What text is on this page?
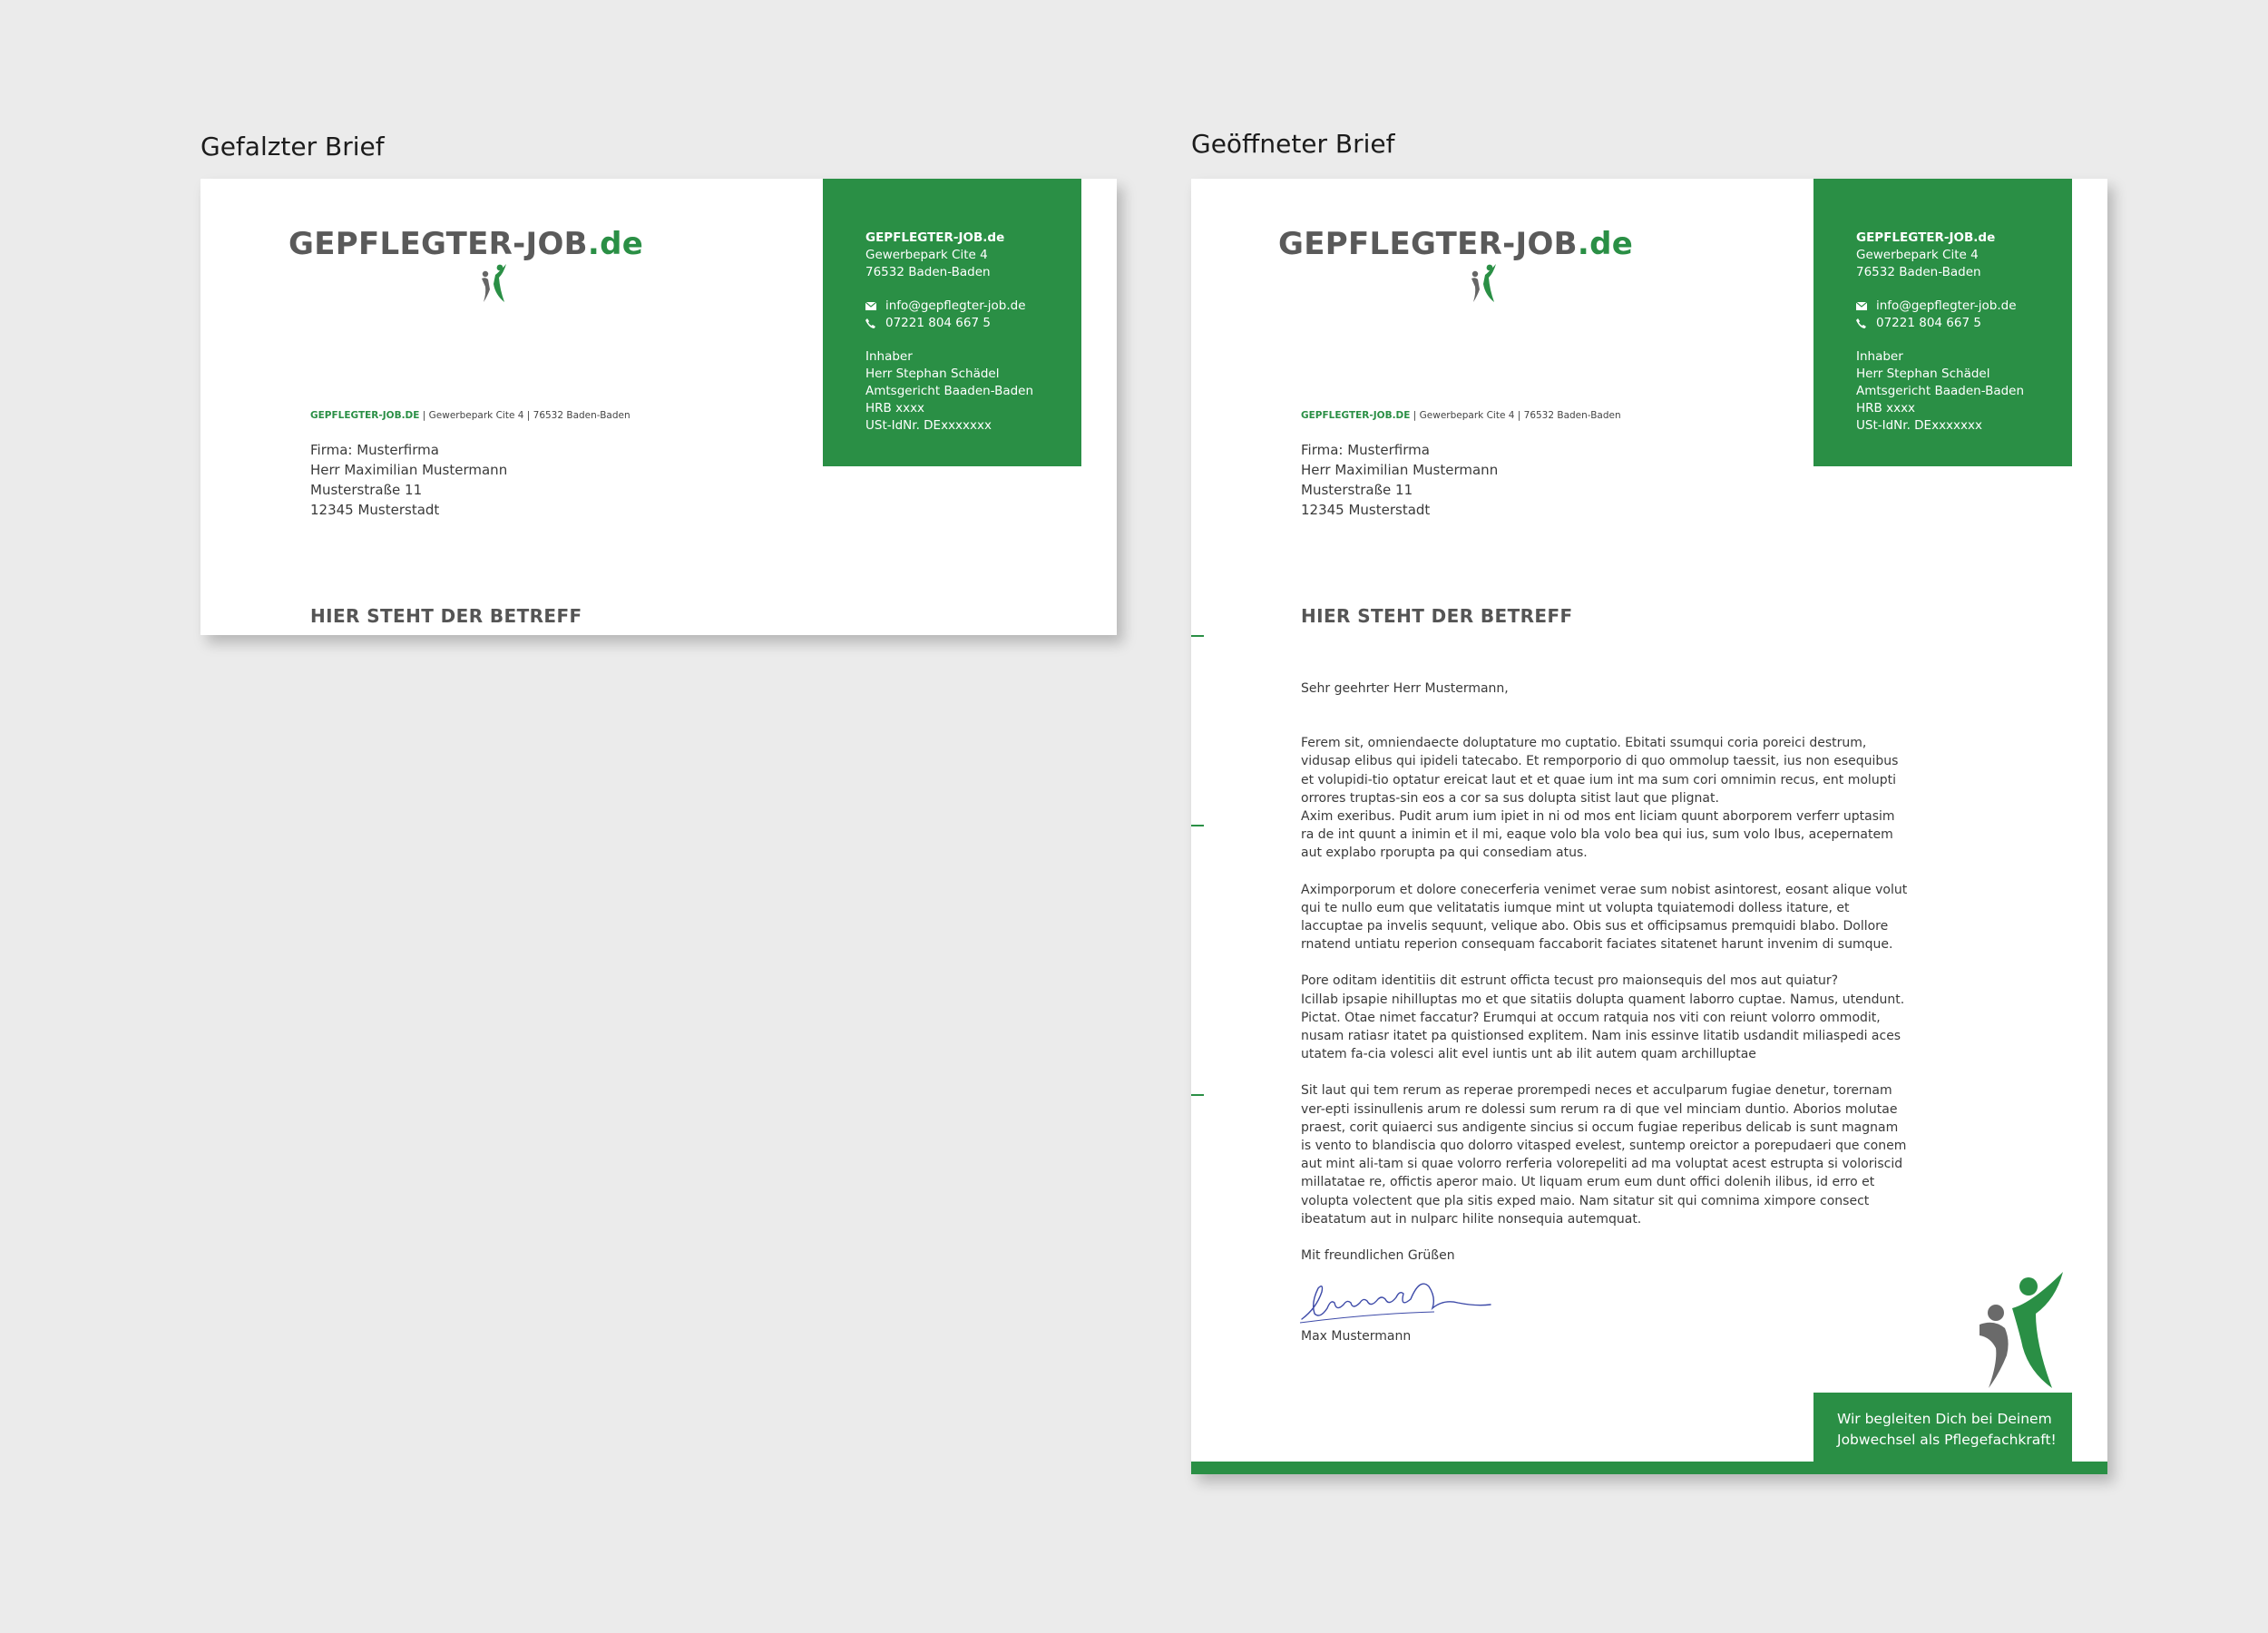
Gefalzter Brief	Geöffneter Brief
GEPFLEGTER-JOB.de	GEPFLEGTER-JOB.de
Gewerbepark Cite 4
76532 Baden-Baden
info@gepflegter-job.de
07221 804 667 5
Inhaber
Herr Stephan Schädel
Amtsgericht Baaden-Baden
HRB xxxx
USt-IdNr. DExxxxxxx
GEPFLEGTER-JOB.DE | Gewerbepark Cite 4 | 76532 Baden-Baden
Firma: Musterfirma
Herr Maximilian Mustermann
Musterstraße 11
12345 Musterstadt
HIER STEHT DER BETREFF
GEPFLEGTER-JOB.de	GEPFLEGTER-JOB.de
Gewerbepark Cite 4
76532 Baden-Baden
info@gepflegter-job.de
07221 804 667 5
Inhaber
Herr Stephan Schädel
Amtsgericht Baaden-Baden
HRB xxxx
USt-IdNr. DExxxxxxx
GEPFLEGTER-JOB.DE | Gewerbepark Cite 4 | 76532 Baden-Baden
Firma: Musterfirma
Herr Maximilian Mustermann
Musterstraße 11
12345 Musterstadt
HIER STEHT DER BETREFF

Sehr geehrter Herr Mustermann,

Ferem sit, omniendaecte doluptature mo cuptatio. Ebitati ssumqui coria poreici destrum, vidusap elibus qui ipideli tatecabo. Et remporporio di quo ommolup taessit, ius non esequibus et volupidi-tio optatur ereicat laut et et quae ium int ma sum cori omnimin recus, ent molupti orrores truptas-sin eos a cor sa sus dolupta sitist laut que plignat.

Axim exeribus. Pudit arum ium ipiet in ni od mos ent liciam quunt aborporem verferr uptasim ra de int quunt a inimin et il mi, eaque volo bla volo bea qui ius, sum volo Ibus, acepernatem aut explabo rporupta pa qui consediam atus.

Aximporporum et dolore conecerferia venimet verae sum nobist asintorest, eosant alique volut qui te nullo eum que velitatatis iumque mint ut volupta tquiatemodi dolless itature, et laccuptae pa invelis sequunt, velique abo. Obis sus et officipsamus premquidi blabo. Dollore rnatend untiatu reperion consequam faccaborit faciates sitatenet harunt invenim di sumque.

Pore oditam identitiis dit estrunt officta tecust pro maionsequis del mos aut quiatur?

Icillab ipsapie nihilluptas mo et que sitatiis dolupta quament laborro cuptae. Namus, utendunt. Pictat. Otae nimet faccatur? Erumqui at occum ratquia nos viti con reiunt volorro ommodit, nusam ratiasr itatet pa quistionsed explitem. Nam inis essinve litatib usdandit miliaspedi aces utatem fa-cia volesci alit evel iuntis unt ab ilit autem quam archilluptae

Sit laut qui tem rerum as reperae prorempedi neces et acculparum fugiae denetur, torernam ver-epti issinullenis arum re dolessi sum rerum ra di que vel minciam duntio. Aborios molutae praest, corit quiaerci sus andigente sincius si occum fugiae reperibus delicab is sunt magnam is vento to blandiscia quo dolorro vitasped evelest, suntemp oreictor a porepudaeri que conem aut mint ali-tam si quae volorro rerferia volorepeliti ad ma voluptat acest estrupta si voloriscid millatatae re, offictis aperor maio. Ut liquam erum eum dunt offici dolenih ilibus, id erro et volupta volectent que pla sitis exped maio. Nam sitatur sit qui comnima ximpore consect ibeatatum aut in nulparc hilite nonsequia autemquat.

Mit freundlichen Grüßen

Max Mustermann
Wir begleiten Dich bei Deinem
Jobwechsel als Pflegefachkraft!
